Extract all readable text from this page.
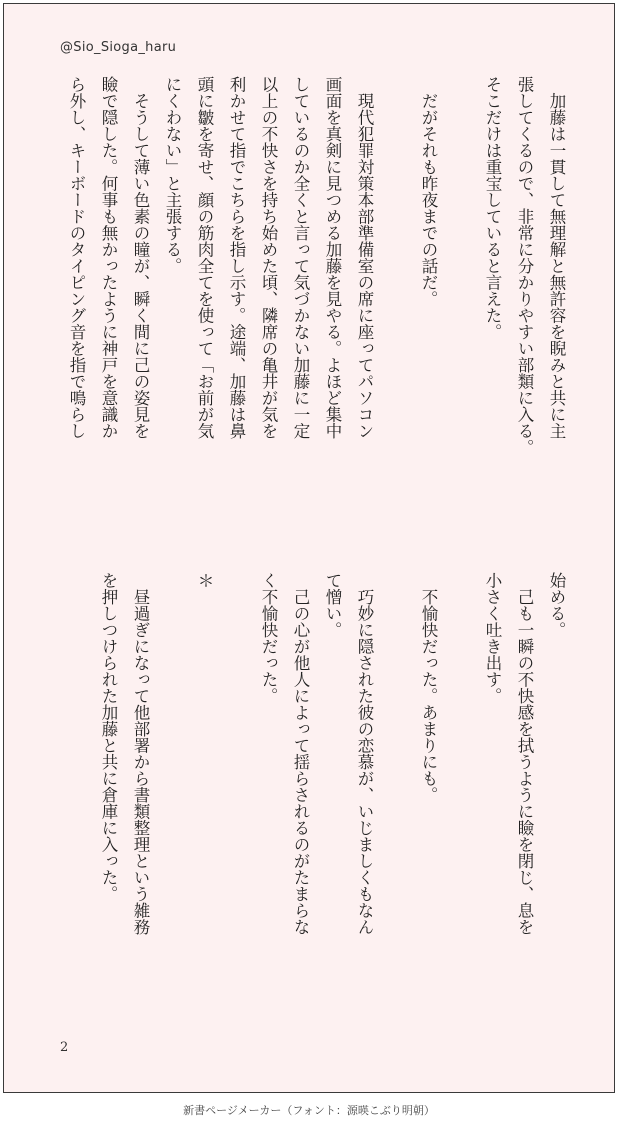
@Sio_Sioga_haru

　加藤は一貫して無理解と無許容を睨みと共に主

張してくるので、非常に分かりやすい部類に入る。

そこだけは重宝していると言えた。

　だがそれも昨夜までの話だ。

　現代犯罪対策本部準備室の席に座ってパソコン

画面を真剣に見つめる加藤を見やる。よほど集中

しているのか全くと言って気づかない加藤に一定

以上の不快さを持ち始めた頃、隣席の亀井が気を

利かせて指でこちらを指し示す。途端、加藤は鼻

頭に皺を寄せ、顔の筋肉全てを使って「お前が気

にくわない」と主張する。

　そうして薄い色素の瞳が、瞬く間に己の姿見を

瞼で隠した。何事も無かったように神戸を意識か

ら外し、キーボードのタイピング音を指で鳴らし

始める。

　己も一瞬の不快感を拭うように瞼を閉じ、息を

小さく吐き出す。

　不愉快だった。あまりにも。

　巧妙に隠された彼の恋慕が、いじましくもなん

て憎い。

　己の心が他人によって揺らされるのがたまらな

く不愉快だった。

＊

　昼過ぎになって他部署から書類整理という雑務

を押しつけられた加藤と共に倉庫に入った。

2
新書ページメーカー（フォント：源暎こぶり明朝）
